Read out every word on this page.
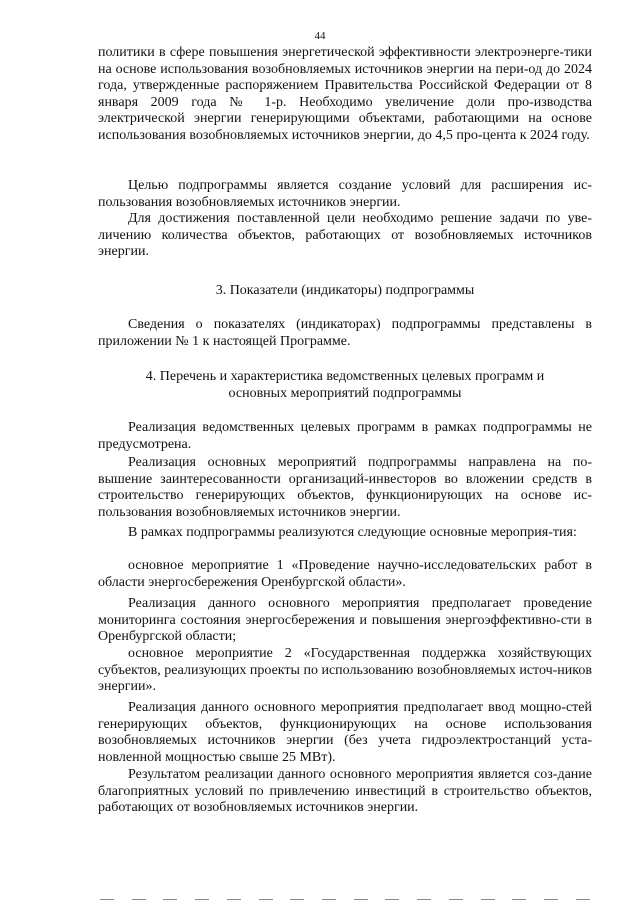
44

политики в сфере повышения энергетической эффективности электроэнерге-тики на основе использования возобновляемых источников энергии на пери-од до 2024 года, утвержденные распоряжением Правительства Российской Федерации от 8 января 2009 года № 1-р. Необходимо увеличение доли про-изводства электрической энергии генерирующими объектами, работающими на основе использования возобновляемых источников энергии, до 4,5 про-цента к 2024 году.

Целью подпрограммы является создание условий для расширения ис-пользования возобновляемых источников энергии.

Для достижения поставленной цели необходимо решение задачи по уве-личению количества объектов, работающих от возобновляемых источников энергии.

3. Показатели (индикаторы) подпрограммы

Сведения о показателях (индикаторах) подпрограммы представлены в приложении № 1 к настоящей Программе.

4. Перечень и характеристика ведомственных целевых программ и

основных мероприятий подпрограммы

Реализация ведомственных целевых программ в рамках подпрограммы не предусмотрена.

Реализация основных мероприятий подпрограммы направлена на по-вышение заинтересованности организаций-инвесторов во вложении средств в строительство генерирующих объектов, функционирующих на основе ис-пользования возобновляемых источников энергии.

В рамках подпрограммы реализуются следующие основные мероприя-тия:

основное мероприятие 1 «Проведение научно-исследовательских работ в области энергосбережения Оренбургской области».

Реализация данного основного мероприятия предполагает проведение мониторинга состояния энергосбережения и повышения энергоэффективно-сти в Оренбургской области;

основное мероприятие 2 «Государственная поддержка хозяйствующих субъектов, реализующих проекты по использованию возобновляемых источ-ников энергии».

Реализация данного основного мероприятия предполагает ввод мощно-стей генерирующих объектов, функционирующих на основе использования возобновляемых источников энергии (без учета гидроэлектростанций уста-новленной мощностью свыше 25 МВт).

Результатом реализации данного основного мероприятия является соз-дание благоприятных условий по привлечению инвестиций в строительство объектов, работающих от возобновляемых источников энергии.
